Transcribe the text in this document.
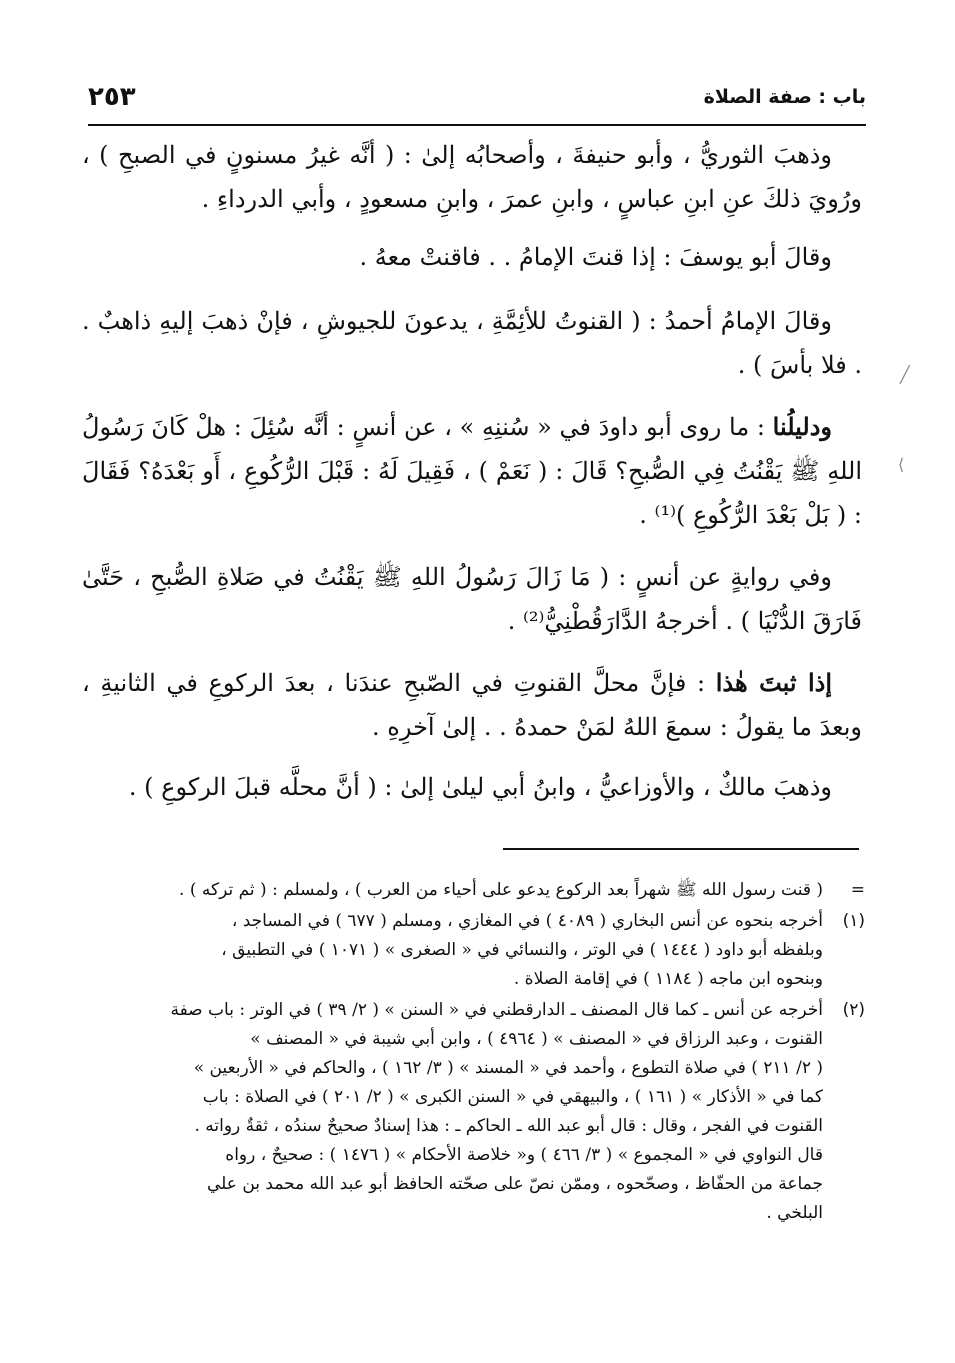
باب : صفة الصلاة
٢٥٣

وذهبَ الثوريُّ ، وأبو حنيفةَ ، وأصحابُه إلىٰ : ( أنَّه غيرُ مسنونٍ في الصبحِ ) ، ورُويَ ذلكَ عنِ ابنِ عباسٍ ، وابنِ عمرَ ، وابنِ مسعودٍ ، وأبي الدرداءِ .

وقالَ أبو يوسفَ : إذا قنتَ الإمامُ . . فاقنتْ معهُ .

وقالَ الإمامُ أحمدُ : ( القنوتُ للأئِمَّةِ ، يدعونَ للجيوشِ ، فإنْ ذهبَ إليهِ ذاهبٌ . . فلا بأسَ ) .

ودليلُنا : ما روى أبو داودَ في « سُننِهِ » ، عن أنسٍ : أنَّه سُئِلَ : هلْ كَانَ رَسُولُ اللهِ ﷺ يَقْنُتُ فِي الصُّبحِ؟ قَالَ : ( نَعَمْ ) ، فَقِيلَ لَهُ : قَبْلَ الرُّكُوعِ ، أَو بَعْدَهُ؟ فَقَالَ : ( بَلْ بَعْدَ الرُّكُوعِ )⁽¹⁾ .

وفي روايةٍ عن أنسٍ : ( مَا زَالَ رَسُولُ اللهِ ﷺ يَقْنُتُ في صَلاةِ الصُّبحِ ، حَتَّىٰ فَارَقَ الدُّنْيَا ) . أخرجهُ الدَّارَقُطْنِيُّ⁽²⁾ .

إذا ثبتَ هٰذا : فإنَّ محلَّ القنوتِ في الصّبحِ عندَنا ، بعدَ الركوعِ في الثانيةِ ، وبعدَ ما يقولُ : سمعَ اللهُ لمَنْ حمدهُ . . إلىٰ آخرِهِ .

وذهبَ مالكٌ ، والأوزاعيُّ ، وابنُ أبي ليلىٰ إلىٰ : ( أنَّ محلَّه قبلَ الركوعِ ) .

=
( قنت رسول الله ﷺ شهراً بعد الركوع يدعو على أحياء من العرب ) ، ولمسلم : ( ثم تركه ) .
(١)
أخرجه بنحوه عن أنس البخاري ( ٤٠٨٩ ) في المغازي ، ومسلم ( ٦٧٧ ) في المساجد ،
وبلفظه أبو داود ( ١٤٤٤ ) في الوتر ، والنسائي في « الصغرى » ( ١٠٧١ ) في التطبيق ،
وبنحوه ابن ماجه ( ١١٨٤ ) في إقامة الصلاة .
(٢)
أخرجه عن أنس ـ كما قال المصنف ـ الدارقطني في « السنن » ( ٢/ ٣٩ ) في الوتر : باب صفة
القنوت ، وعبد الرزاق في « المصنف » ( ٤٩٦٤ ) ، وابن أبي شيبة في « المصنف »
( ٢/ ٢١١ ) في صلاة التطوع ، وأحمد في « المسند » ( ٣/ ١٦٢ ) ، والحاكم في « الأربعين »
كما في « الأذكار » ( ١٦١ ) ، والبيهقي في « السنن الكبرى » ( ٢/ ٢٠١ ) في الصلاة : باب
القنوت في الفجر ، وقال : قال أبو عبد الله ـ الحاكم ـ : هذا إسنادٌ صحيحٌ سندُه ، ثقةٌ رواته .
قال النواوي في « المجموع » ( ٣/ ٤٦٦ ) و« خلاصة الأحكام » ( ١٤٧٦ ) : صحيحٌ ، رواه
جماعة من الحفّاظ ، وصحّحوه ، وممّن نصّ على صحّته الحافظ أبو عبد الله محمد بن علي
البلخي .
╱
⟩
